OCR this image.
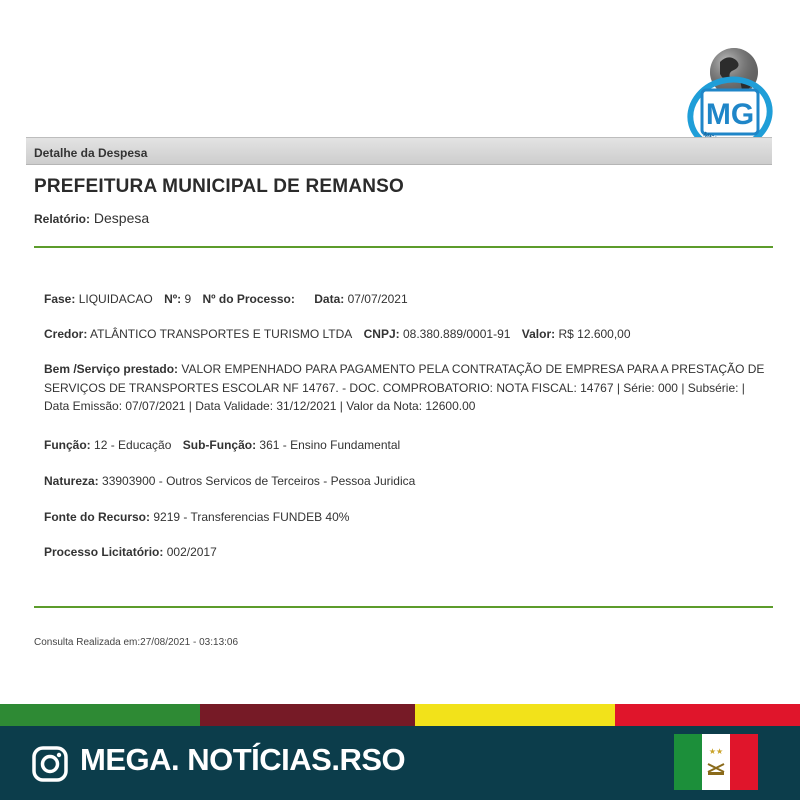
MG
Detalhe da Despesa
PREFEITURA MUNICIPAL DE REMANSO
Relatório: Despesa
Fase: LIQUIDACAO Nº: 9 Nº do Processo: Data: 07/07/2021
Credor: ATLÂNTICO TRANSPORTES E TURISMO LTDA CNPJ: 08.380.889/0001-91 Valor: R$ 12.600,00
Bem /Serviço prestado: VALOR EMPENHADO PARA PAGAMENTO PELA CONTRATAÇÃO DE EMPRESA PARA A PRESTAÇÃO DE SERVIÇOS DE TRANSPORTES ESCOLAR NF 14767. - DOC. COMPROBATORIO: NOTA FISCAL: 14767 | Série: 000 | Subsérie: | Data Emissão: 07/07/2021 | Data Validade: 31/12/2021 | Valor da Nota: 12600.00
Função: 12 - Educação Sub-Função: 361 - Ensino Fundamental
Natureza: 33903900 - Outros Servicos de Terceiros - Pessoa Juridica
Fonte do Recurso: 9219 - Transferencias FUNDEB 40%
Processo Licitatório: 002/2017
Consulta Realizada em:27/08/2021 - 03:13:06
MEGA. NOTÍCIAS.RSO	★★
